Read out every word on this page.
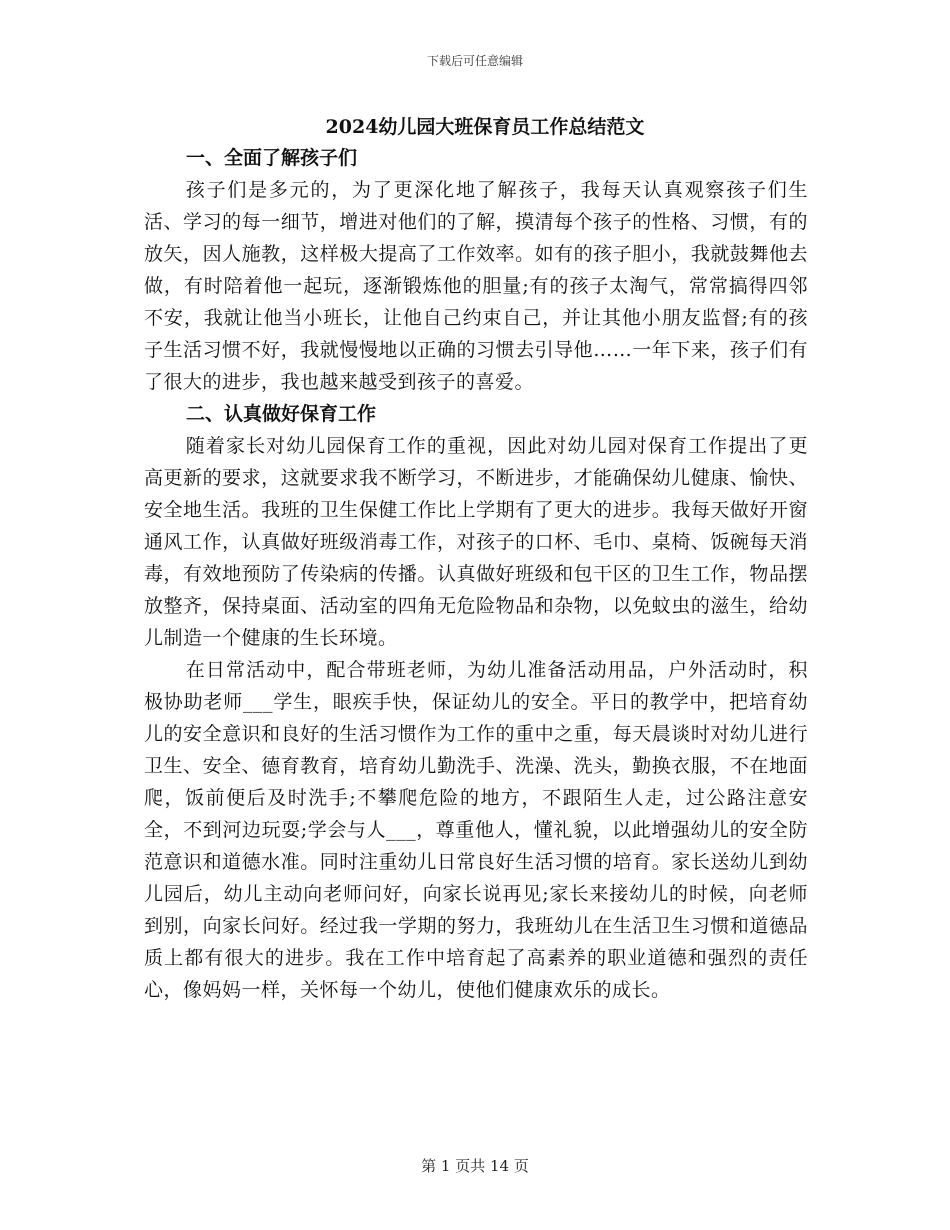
下载后可任意编辑
2024幼儿园大班保育员工作总结范文

一、全面了解孩子们

孩子们是多元的，为了更深化地了解孩子，我每天认真观察孩子们生活、学习的每一细节，增进对他们的了解，摸清每个孩子的性格、习惯，有的放矢，因人施教，这样极大提高了工作效率。如有的孩子胆小，我就鼓舞他去做，有时陪着他一起玩，逐渐锻炼他的胆量;有的孩子太淘气，常常搞得四邻不安，我就让他当小班长，让他自己约束自己，并让其他小朋友监督;有的孩子生活习惯不好，我就慢慢地以正确的习惯去引导他……一年下来，孩子们有了很大的进步，我也越来越受到孩子的喜爱。

二、认真做好保育工作

随着家长对幼儿园保育工作的重视，因此对幼儿园对保育工作提出了更高更新的要求，这就要求我不断学习，不断进步，才能确保幼儿健康、愉快、安全地生活。我班的卫生保健工作比上学期有了更大的进步。我每天做好开窗通风工作，认真做好班级消毒工作，对孩子的口杯、毛巾、桌椅、饭碗每天消毒，有效地预防了传染病的传播。认真做好班级和包干区的卫生工作，物品摆放整齐，保持桌面、活动室的四角无危险物品和杂物，以免蚊虫的滋生，给幼儿制造一个健康的生长环境。

在日常活动中，配合带班老师，为幼儿准备活动用品，户外活动时，积极协助老师___学生，眼疾手快，保证幼儿的安全。平日的教学中，把培育幼儿的安全意识和良好的生活习惯作为工作的重中之重，每天晨谈时对幼儿进行卫生、安全、德育教育，培育幼儿勤洗手、洗澡、洗头，勤换衣服，不在地面爬，饭前便后及时洗手;不攀爬危险的地方，不跟陌生人走，过公路注意安全，不到河边玩耍;学会与人___，尊重他人，懂礼貌，以此增强幼儿的安全防范意识和道德水准。同时注重幼儿日常良好生活习惯的培育。家长送幼儿到幼儿园后，幼儿主动向老师问好，向家长说再见;家长来接幼儿的时候，向老师到别，向家长问好。经过我一学期的努力，我班幼儿在生活卫生习惯和道德品质上都有很大的进步。我在工作中培育起了高素养的职业道德和强烈的责任心，像妈妈一样，关怀每一个幼儿，使他们健康欢乐的成长。

第 1 页共 14 页
